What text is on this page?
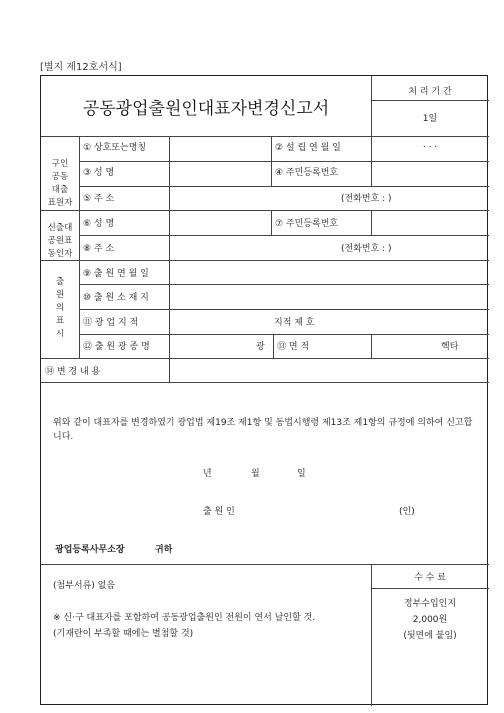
[별지 제12호서식]
공동광업출원인대표자변경신고서
처 리 기 간
1일
구인
공동
대출
표원자
① 상호또는명칭	② 설 립 연 월 일	. . .
③ 성 명	④ 주민등록번호
⑤ 주 소	(전화번호 : )
신출대
공원표
동인자
⑥ 성 명	⑦ 주민등록번호
⑧ 주 소	(전화번호 : )
출
원
의
표
시
⑨ 출 원 연 월 일
⑩ 출 원 소 재 지
⑪ 광 업 지 적	지적 제 호
⑫ 출 원 광 종 명	광 ⑬ 면 적	헥타
⑭ 변 경 내 용
위와 같이 대표자를 변경하였기 광업법 제19조 제1항 및 동법시행령 제13조 제1항의 규정에 의하여 신고합니다.
년	월	일
출 원 인	(인)
광업등록사무소장	귀하
(첨부서류) 없음
※ 신·구 대표자를 포함하여 공동광업출원인 전원이 연서 날인할 것.
(기재란이 부족할 때에는 별첨할 것)
수 수 료
정부수입인지
2,000원
(뒷면에 붙임)
